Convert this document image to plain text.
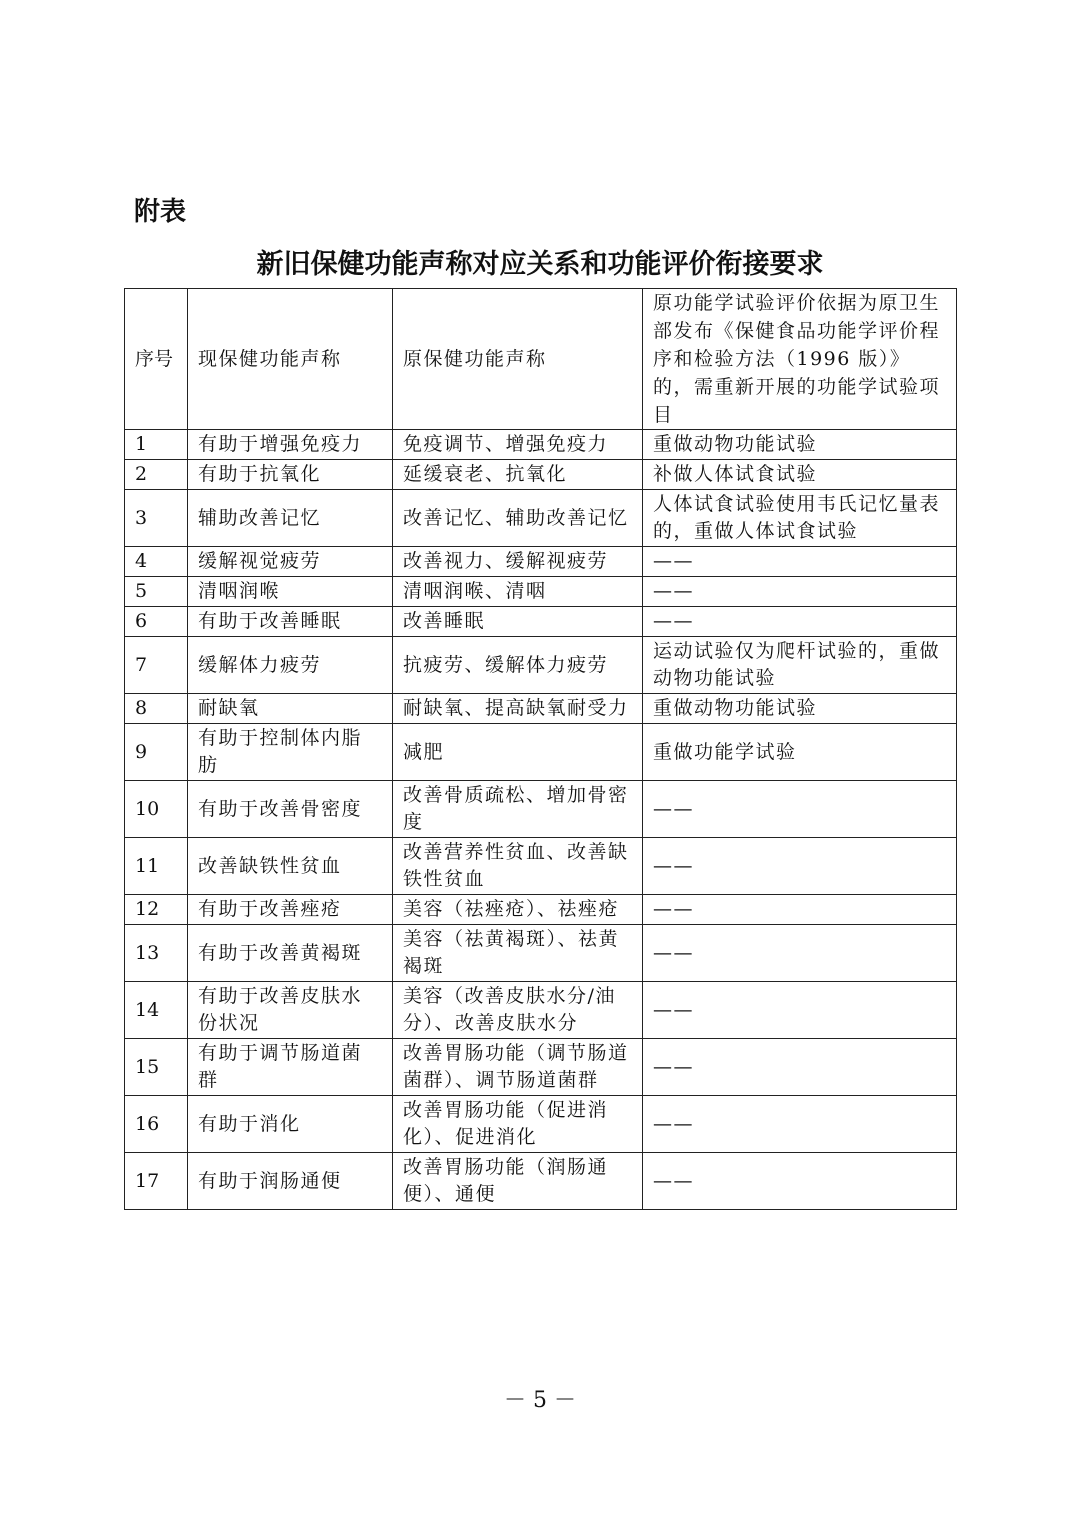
附表
新旧保健功能声称对应关系和功能评价衔接要求
序号	现保健功能声称	原保健功能声称	原功能学试验评价依据为原卫生部发布《保健食品功能学评价程序和检验方法（1996 版）》的，需重新开展的功能学试验项目
1	有助于增强免疫力	免疫调节、增强免疫力	重做动物功能试验
2	有助于抗氧化	延缓衰老、抗氧化	补做人体试食试验
3	辅助改善记忆	改善记忆、辅助改善记忆	人体试食试验使用韦氏记忆量表的，重做人体试食试验
4	缓解视觉疲劳	改善视力、缓解视疲劳	——
5	清咽润喉	清咽润喉、清咽	——
6	有助于改善睡眠	改善睡眠	——
7	缓解体力疲劳	抗疲劳、缓解体力疲劳	运动试验仅为爬杆试验的，重做动物功能试验
8	耐缺氧	耐缺氧、提高缺氧耐受力	重做动物功能试验
9	有助于控制体内脂肪	减肥	重做功能学试验
10	有助于改善骨密度	改善骨质疏松、增加骨密度	——
11	改善缺铁性贫血	改善营养性贫血、改善缺铁性贫血	——
12	有助于改善痤疮	美容（祛痤疮）、祛痤疮	——
13	有助于改善黄褐斑	美容（祛黄褐斑）、祛黄褐斑	——
14	有助于改善皮肤水份状况	美容（改善皮肤水分/油分）、改善皮肤水分	——
15	有助于调节肠道菌群	改善胃肠功能（调节肠道菌群）、调节肠道菌群	——
16	有助于消化	改善胃肠功能（促进消化）、促进消化	——
17	有助于润肠通便	改善胃肠功能（润肠通便）、通便	——
－ 5 －
